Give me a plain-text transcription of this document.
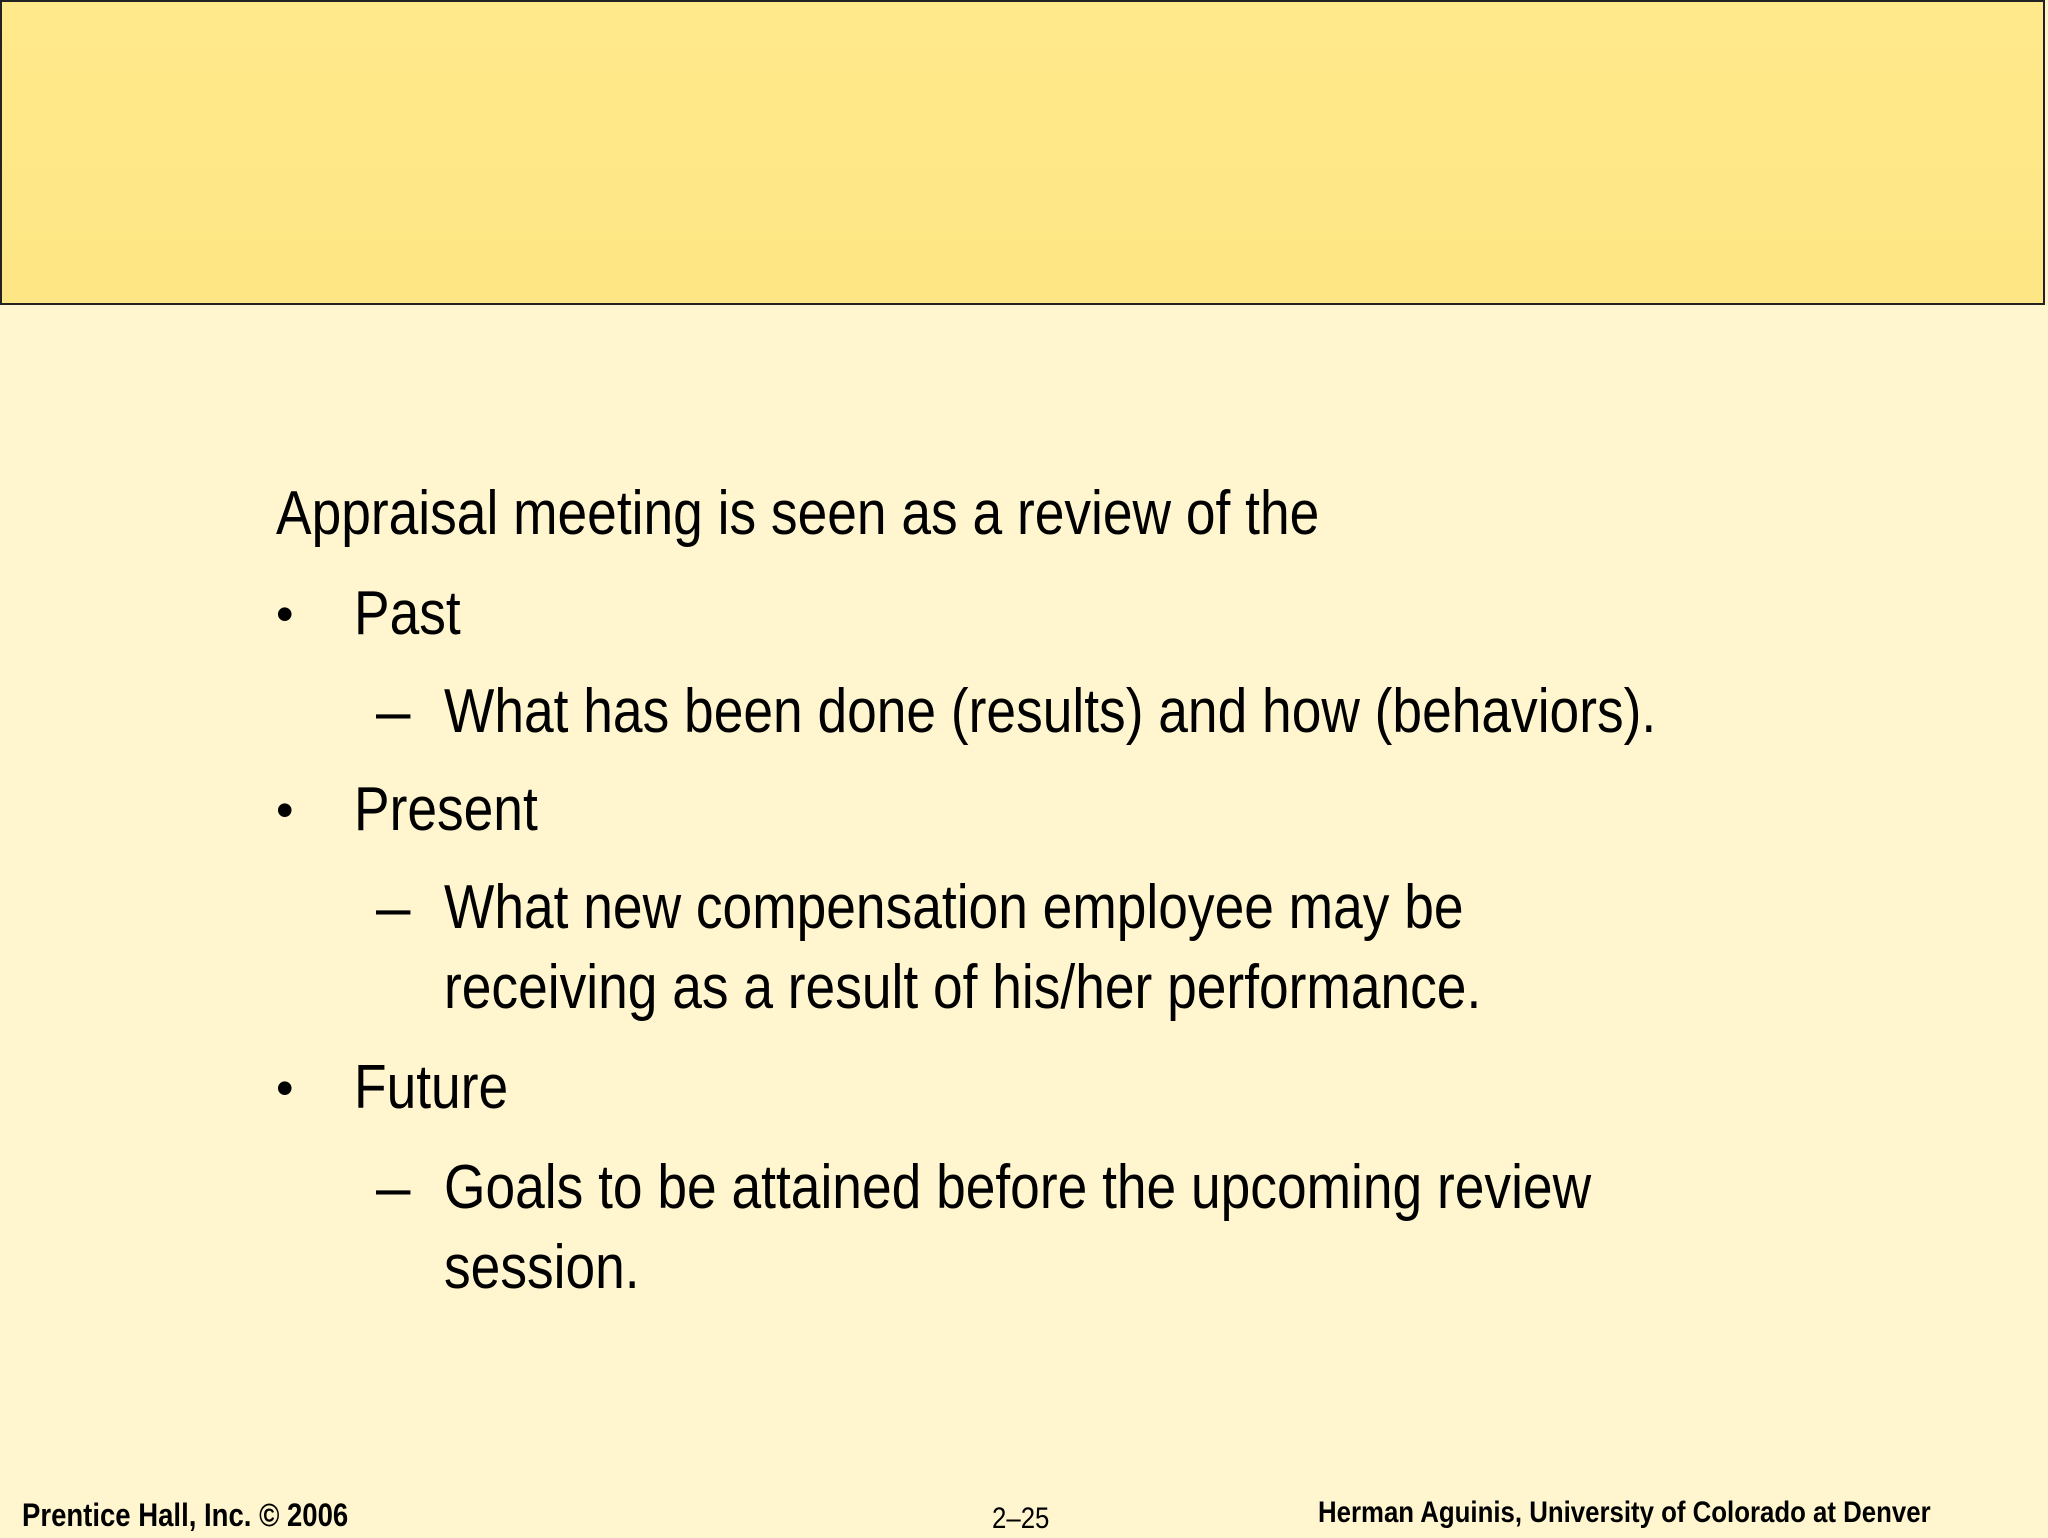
Appraisal meeting is seen as a review of the
• Past
– What has been done (results) and how (behaviors).
• Present
– What new compensation employee may be receiving as a result of his/her performance.
• Future
– Goals to be attained before the upcoming review session.
Prentice Hall, Inc. © 2006	2–25	Herman Aguinis, University of Colorado at Denver
